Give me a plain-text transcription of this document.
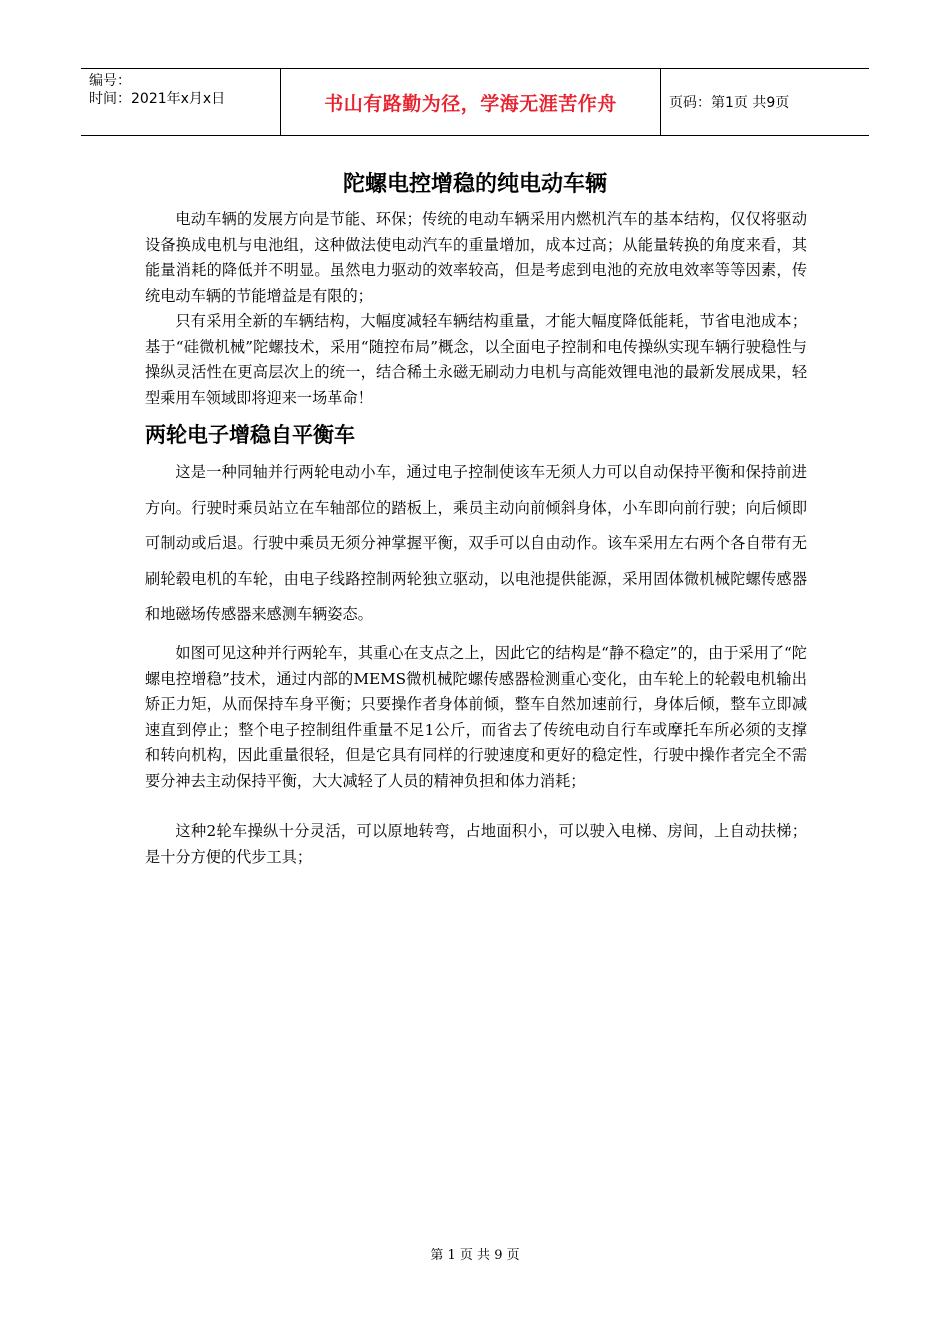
编号：
时间：2021年x月x日	书山有路勤为径，学海无涯苦作舟	页码：第1页 共9页
陀螺电控增稳的纯电动车辆

电动车辆的发展方向是节能、环保；传统的电动车辆采用内燃机汽车的基本结构，仅仅将驱动设备换成电机与电池组，这种做法使电动汽车的重量增加，成本过高；从能量转换的角度来看，其能量消耗的降低并不明显。虽然电力驱动的效率较高，但是考虑到电池的充放电效率等等因素，传统电动车辆的节能增益是有限的；

只有采用全新的车辆结构，大幅度减轻车辆结构重量，才能大幅度降低能耗，节省电池成本；基于“硅微机械”陀螺技术，采用“随控布局”概念，以全面电子控制和电传操纵实现车辆行驶稳性与操纵灵活性在更高层次上的统一，结合稀土永磁无刷动力电机与高能效锂电池的最新发展成果，轻型乘用车领域即将迎来一场革命！

两轮电子增稳自平衡车

这是一种同轴并行两轮电动小车，通过电子控制使该车无须人力可以自动保持平衡和保持前进方向。行驶时乘员站立在车轴部位的踏板上，乘员主动向前倾斜身体，小车即向前行驶；向后倾即可制动或后退。行驶中乘员无须分神掌握平衡，双手可以自由动作。该车采用左右两个各自带有无刷轮毂电机的车轮，由电子线路控制两轮独立驱动，以电池提供能源，采用固体微机械陀螺传感器和地磁场传感器来感测车辆姿态。

如图可见这种并行两轮车，其重心在支点之上，因此它的结构是“静不稳定”的，由于采用了“陀螺电控增稳”技术，通过内部的MEMS微机械陀螺传感器检测重心变化，由车轮上的轮毂电机输出矫正力矩，从而保持车身平衡；只要操作者身体前倾，整车自然加速前行，身体后倾，整车立即减速直到停止；整个电子控制组件重量不足1公斤，而省去了传统电动自行车或摩托车所必须的支撑和转向机构，因此重量很轻，但是它具有同样的行驶速度和更好的稳定性，行驶中操作者完全不需要分神去主动保持平衡，大大减轻了人员的精神负担和体力消耗；

这种2轮车操纵十分灵活，可以原地转弯，占地面积小，可以驶入电梯、房间，上自动扶梯；是十分方便的代步工具；

第 1 页 共 9 页
